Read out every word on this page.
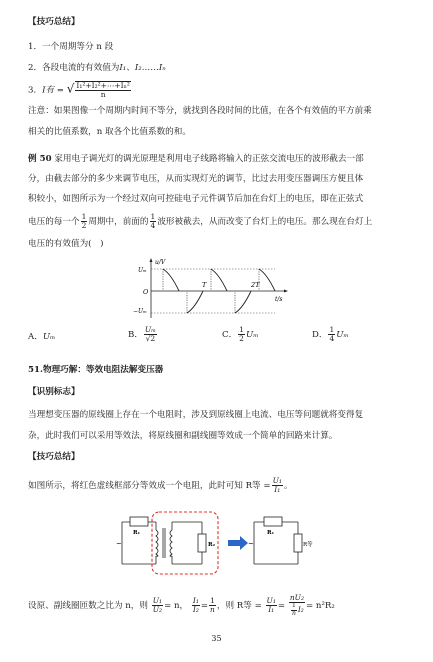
【技巧总结】
1．一个周期等分 n 段
2．各段电流的有效值为I₁、I₂……Iₙ
3．I有 = √ $\frac{\text{I₁²+I₂²+⋯+Iₙ²}}{n}$
注意：如果图像一个周期内时间不等分，就找到各段时间的比值，在各个有效值的平方前乘
相关的比值系数，n 取各个比值系数的和。
例 50 家用电子调光灯的调光原理是利用电子线路将输入的正弦交流电压的波形截去一部
分，由截去部分的多少来调节电压，从而实现灯光的调节，比过去用变压器调压方便且体
积较小，如图所示为一个经过双向可控硅电子元件调节后加在台灯上的电压，即在正弦式
电压的每一个 $\frac{1}{2}$ 周期中，前面的 $\frac{1}{4}$ 波形被截去，从而改变了台灯上的电压。那么现在台灯上
电压的有效值为(　)
u/V
Uₘ
−Uₘ
O
T	2T
t/s
A．Uₘ	B． $\frac{\text{Uₘ}}{√2}$	C． $\frac{1}{2}$ Uₘ	D． $\frac{1}{4}$ Uₘ
51.物理巧解：等效电阻法解变压器
【识别标志】
当理想变压器的原线圈上存在一个电阻时，涉及到原线圈上电流、电压等问题就将变得复
杂，此时我们可以采用等效法，将原线圈和副线圈等效成一个简单的回路来计算。
【技巧总结】
如图所示，将红色虚线框部分等效成一个电阻，此时可知 R等 = $\frac{\text{U₁}}{\text{I₁}}$ 。
R₁
~	R₂
R₁
~	R等
设原、副线圈匝数之比为 n，则 $\frac{\text{U₁}}{\text{U₂}} = n$， $\frac{\text{I₁}}{\text{I₂}} = \frac{1}{n}$ ，则 R等 = $\frac{\text{U₁}}{\text{I₁}} = \frac{\text{nU₂}}{\frac{1}{n} I_2} = n^2R_2$
35
